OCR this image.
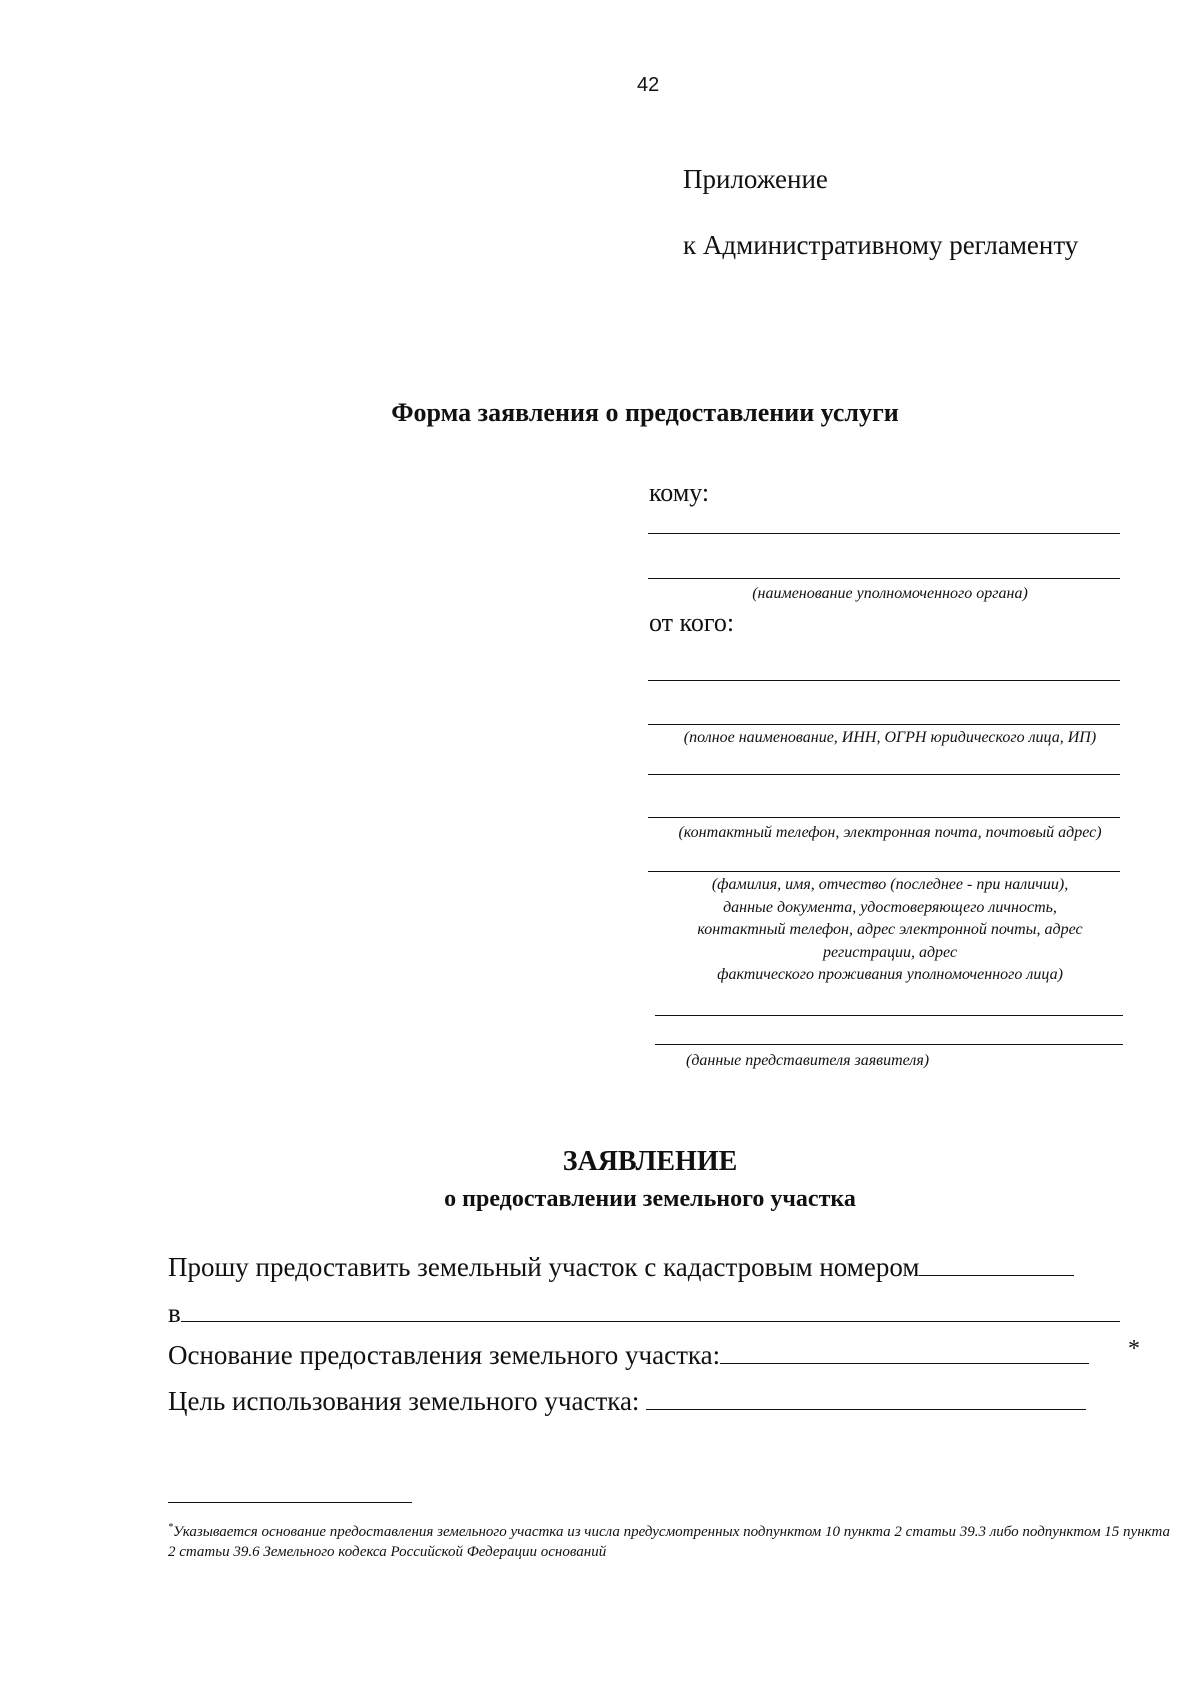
42
Приложение
к Административному регламенту
Форма заявления о предоставлении услуги
кому:
(наименование уполномоченного органа)
от кого:
(полное наименование, ИНН, ОГРН юридического лица, ИП)
(контактный телефон, электронная почта, почтовый адрес)
(фамилия, имя, отчество (последнее - при наличии),
данные документа, удостоверяющего личность,
контактный телефон, адрес электронной почты, адрес
регистрации, адрес
фактического проживания уполномоченного лица)
(данные представителя заявителя)
ЗАЯВЛЕНИЕ
о предоставлении земельного участка
Прошу предоставить земельный участок с кадастровым номером
в
Основание предоставления земельного участка:	*
Цель использования земельного участка:
*Указывается основание предоставления земельного участка из числа предусмотренных подпунктом 10 пункта 2 статьи 39.3 либо подпунктом 15 пункта 2 статьи 39.6 Земельного кодекса Российской Федерации оснований
